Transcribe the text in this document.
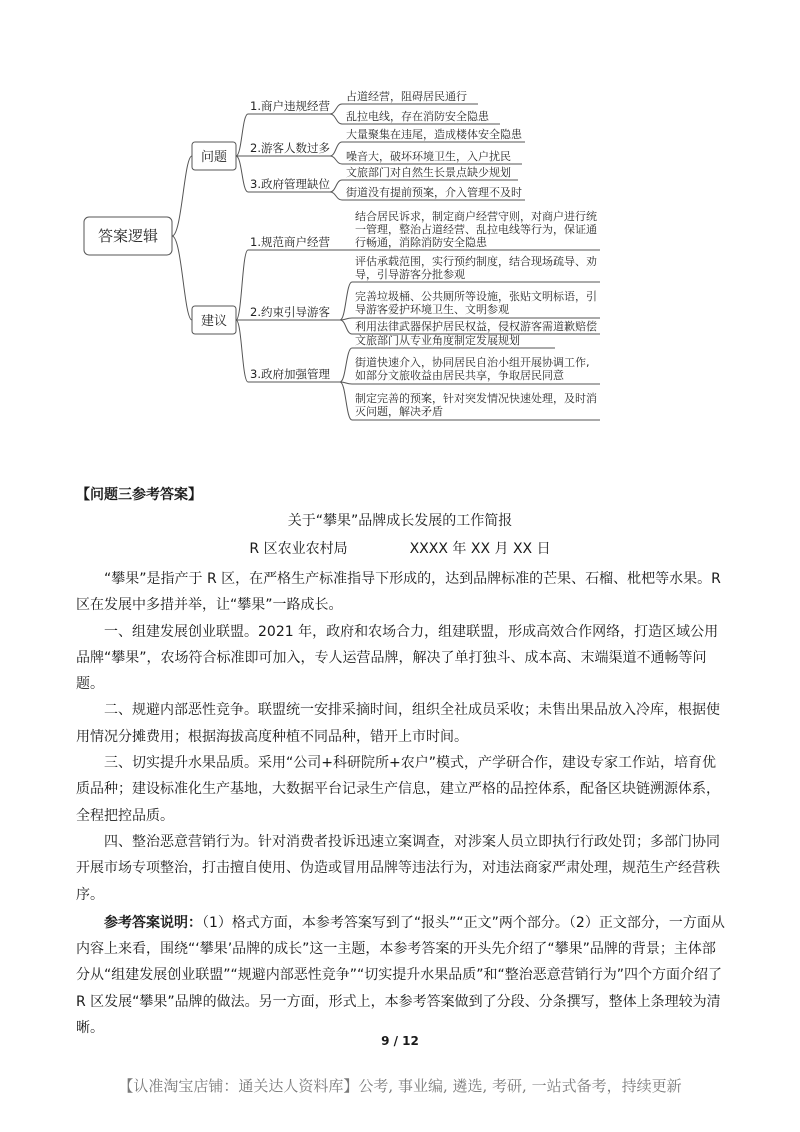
答案逻辑
问题
建议
1.商户违规经营
2.游客人数过多
3.政府管理缺位
占道经营，阻碍居民通行
乱拉电线，存在消防安全隐患
大量聚集在违尾，造成楼体安全隐患
噪音大，破坏环境卫生，入户扰民
文旅部门对自然生长景点缺少规划
街道没有提前预案，介入管理不及时
1.规范商户经营
2.约束引导游客
3.政府加强管理
结合居民诉求，制定商户经营守则，对商户进行统
一管理，整治占道经营、乱拉电线等行为，保证通
行畅通，消除消防安全隐患
评估承载范围，实行预约制度，结合现场疏导、劝
导，引导游客分批参观
完善垃圾桶、公共厕所等设施，张贴文明标语，引
导游客爱护环境卫生、文明参观
利用法律武器保护居民权益，侵权游客需道歉赔偿
文旅部门从专业角度制定发展规划
街道快速介入，协同居民自治小组开展协调工作,
如部分文旅收益由居民共享，争取居民同意
制定完善的预案，针对突发情况快速处理，及时消
灭问题，解决矛盾
【问题三参考答案】
关于“攀果”品牌成长发展的工作简报
R 区农业农村局	XXXX 年 XX 月 XX 日

“攀果”是指产于 R 区，在严格生产标准指导下形成的，达到品牌标准的芒果、石榴、枇杷等水果。R 区在发展中多措并举，让“攀果”一路成长。

一、组建发展创业联盟。2021 年，政府和农场合力，组建联盟，形成高效合作网络，打造区域公用品牌“攀果”，农场符合标准即可加入，专人运营品牌，解决了单打独斗、成本高、末端渠道不通畅等问题。

二、规避内部恶性竞争。联盟统一安排采摘时间，组织全社成员采收；未售出果品放入冷库，根据使用情况分摊费用；根据海拔高度种植不同品种，错开上市时间。

三、切实提升水果品质。采用“公司+科研院所+农户”模式，产学研合作，建设专家工作站，培育优质品种；建设标准化生产基地，大数据平台记录生产信息，建立严格的品控体系，配备区块链溯源体系，全程把控品质。

四、整治恶意营销行为。针对消费者投诉迅速立案调查，对涉案人员立即执行行政处罚；多部门协同开展市场专项整治，打击擅自使用、伪造或冒用品牌等违法行为，对违法商家严肃处理，规范生产经营秩序。

参考答案说明：（1）格式方面，本参考答案写到了“报头”“正文”两个部分。（2）正文部分，一方面从内容上来看，围绕“‘攀果’品牌的成长”这一主题，本参考答案的开头先介绍了“攀果”品牌的背景；主体部分从“组建发展创业联盟”“规避内部恶性竞争”“切实提升水果品质”和“整治恶意营销行为”四个方面介绍了 R 区发展“攀果”品牌的做法。另一方面，形式上，本参考答案做到了分段、分条撰写，整体上条理较为清晰。

9 / 12
【认准淘宝店铺：通关达人资料库】公考, 事业编, 遴选, 考研, 一站式备考，持续更新
